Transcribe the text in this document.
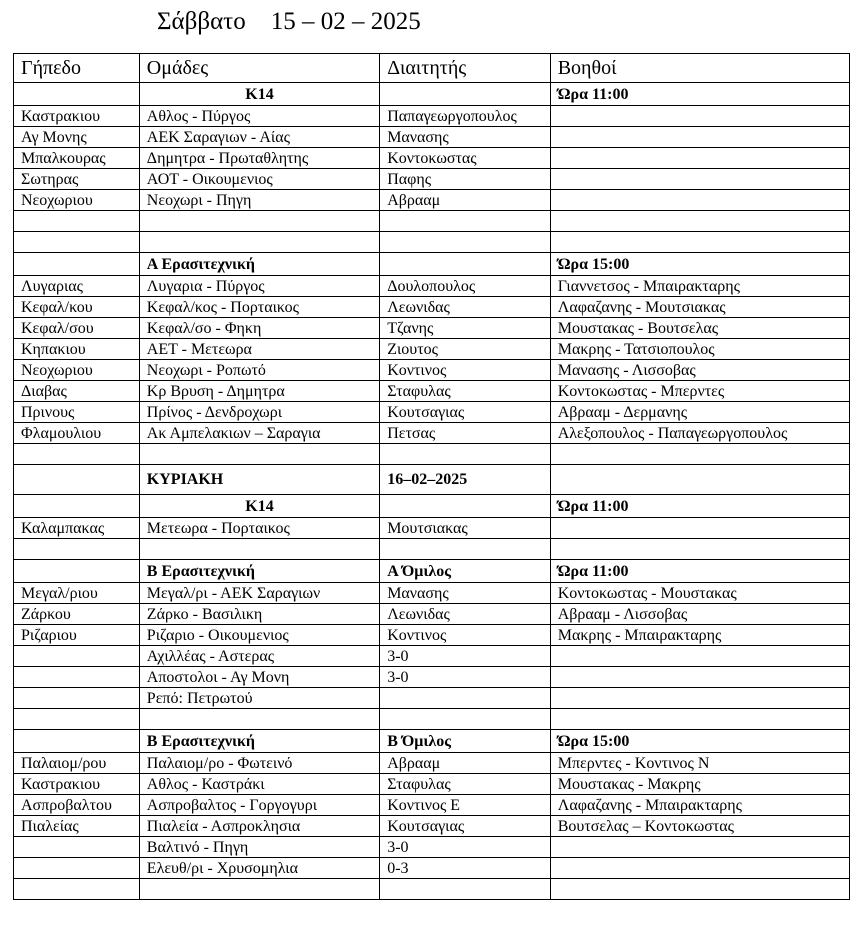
Σάββατο    15 – 02 – 2025
Γήπεδο	Ομάδες	Διαιτητής	Βοηθοί
	Κ14		Ώρα 11:00
Καστρακιου	Αθλος - Πύργος	Παπαγεωργοπουλος	
Αγ Μονης	ΑΕΚ Σαραγιων - Αίας	Μανασης	
Μπαλκουρας	Δημητρα - Πρωταθλητης	Κοντοκωστας	
Σωτηρας	ΑΟΤ - Οικουμενιος	Παφης	
Νεοχωριου	Νεοχωρι - Πηγη	Αβρααμ	

	Α Ερασιτεχνική		Ώρα 15:00
Λυγαριας	Λυγαρια - Πύργος	Δουλοπουλος	Γιαννετσος - Μπαιρακταρης
Κεφαλ/κου	Κεφαλ/κος - Πορταικος	Λεωνιδας	Λαφαζανης - Μουτσιακας
Κεφαλ/σου	Κεφαλ/σο - Φηκη	Τζανης	Μουστακας - Βουτσελας
Κηπακιου	ΑΕΤ - Μετεωρα	Ζιουτος	Μακρης - Τατσιοπουλος
Νεοχωριου	Νεοχωρι - Ροπωτό	Κοντινος	Μανασης - Λισσοβας
Διαβας	Κρ Βρυση - Δημητρα	Σταφυλας	Κοντοκωστας - Μπερντες
Πρινους	Πρίνος - Δενδροχωρι	Κουτσαγιας	Αβρααμ - Δερμανης
Φλαμουλιου	Ακ Αμπελακιων – Σαραγια	Πετσας	Αλεξοπουλος - Παπαγεωργοπουλος

	ΚΥΡΙΑΚΗ	16–02–2025	
	Κ14		Ώρα 11:00
Καλαμπακας	Μετεωρα - Πορταικος	Μουτσιακας	

	Β Ερασιτεχνική	Α Όμιλος	Ώρα 11:00
Μεγαλ/ριου	Μεγαλ/ρι - ΑΕΚ Σαραγιων	Μανασης	Κοντοκωστας - Μουστακας
Ζάρκου	Ζάρκο - Βασιλικη	Λεωνιδας	Αβρααμ - Λισσοβας
Ριζαριου	Ριζαριο - Οικουμενιος	Κοντινος	Μακρης - Μπαιρακταρης
	Αχιλλέας - Αστερας	3-0	
	Αποστολοι - Αγ Μονη	3-0	
	Ρεπό: Πετρωτού		

	Β Ερασιτεχνική	Β Όμιλος	Ώρα 15:00
Παλαιομ/ρου	Παλαιομ/ρο - Φωτεινό	Αβρααμ	Μπερντες - Κοντινος Ν
Καστρακιου	Αθλος - Καστράκι	Σταφυλας	Μουστακας - Μακρης
Ασπροβαλτου	Ασπροβαλτος - Γοργογυρι	Κοντινος Ε	Λαφαζανης - Μπαιρακταρης
Πιαλείας	Πιαλεία - Ασπροκλησια	Κουτσαγιας	Βουτσελας – Κοντοκωστας
	Βαλτινό - Πηγη	3-0	
	Ελευθ/ρι - Χρυσομηλια	0-3	
